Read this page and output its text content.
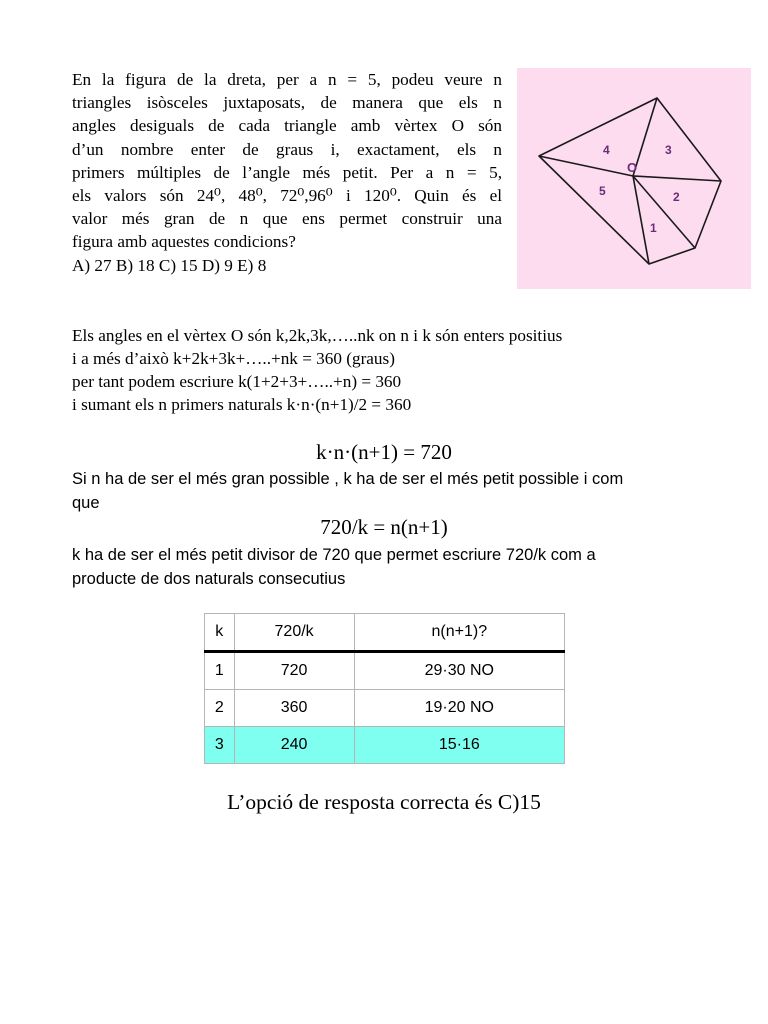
En la figura de la dreta, per a n = 5, podeu veure n
triangles isòsceles juxtaposats, de manera que els n
angles desiguals de cada triangle amb vèrtex O són
d’un nombre enter de graus i, exactament, els n
primers múltiples de l’angle més petit. Per a n = 5,
els valors són 24⁰, 48⁰, 72⁰,96⁰ i 120⁰. Quin és el
valor més gran de n que ens permet construir una
figura amb aquestes condicions?
A) 27 B) 18 C) 15 D) 9 E) 8
4	3
O
5	2
1
Els angles en el vèrtex O són k,2k,3k,…..nk on n i k són enters positius
i a més d’això k+2k+3k+…..+nk = 360 (graus)
per tant podem escriure k(1+2+3+…..+n) = 360
i sumant els n primers naturals k·n·(n+1)/2 = 360
k·n·(n+1) = 720
Si n ha de ser el més gran possible , k ha de ser el més petit possible i com
que
720/k = n(n+1)
k ha de ser el més petit divisor de 720 que permet escriure 720/k com a
producte de dos naturals consecutius
k	720/k	n(n+1)?
1	720	29·30 NO
2	360	19·20 NO
3	240	15·16
L’opció de resposta correcta és C)15
